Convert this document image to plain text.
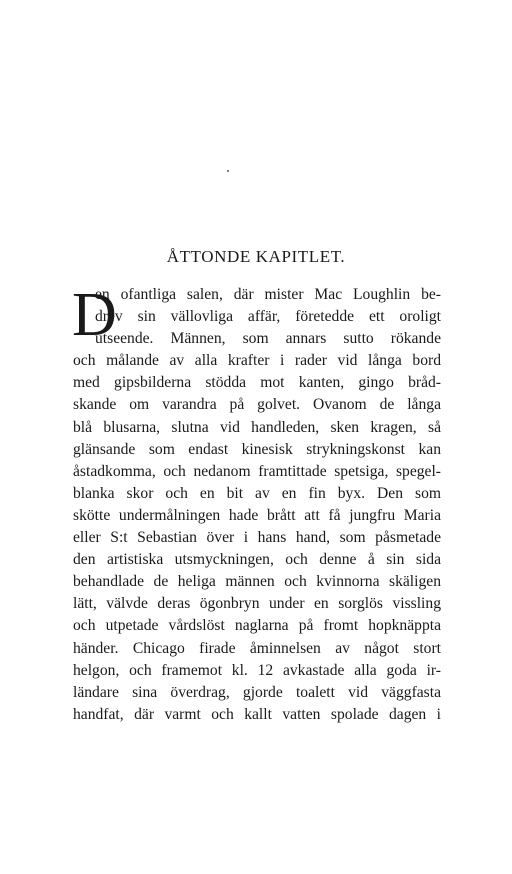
ÅTTONDE KAPITLET.
D
en ofantliga salen, där mister Mac Loughlin be-
drev sin vällovliga affär, företedde ett oroligt
utseende. Männen, som annars sutto rökande
och målande av alla krafter i rader vid långa bord
med gipsbilderna stödda mot kanten, gingo bråd-
skande om varandra på golvet. Ovanom de långa
blå blusarna, slutna vid handleden, sken kragen, så
glänsande som endast kinesisk strykningskonst kan
åstadkomma, och nedanom framtittade spetsiga, spegel-
blanka skor och en bit av en fin byx. Den som
skötte undermålningen hade brått att få jungfru Maria
eller S:t Sebastian över i hans hand, som påsmetade
den artistiska utsmyckningen, och denne å sin sida
behandlade de heliga männen och kvinnorna skäligen
lätt, välvde deras ögonbryn under en sorglös vissling
och utpetade vårdslöst naglarna på fromt hopknäppta
händer. Chicago firade åminnelsen av något stort
helgon, och framemot kl. 12 avkastade alla goda ir-
ländare sina överdrag, gjorde toalett vid väggfasta
handfat, där varmt och kallt vatten spolade dagen i
